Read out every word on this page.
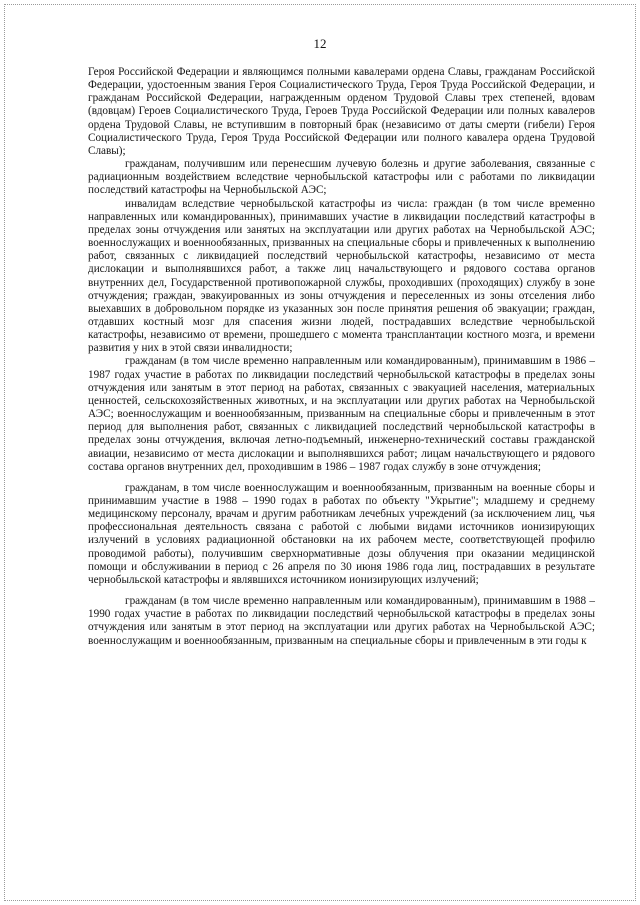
12

Героя Российской Федерации и являющимся полными кавалерами ордена Славы, гражданам Российской Федерации, удостоенным звания Героя Социалистического Труда, Героя Труда Российской Федерации, и гражданам Российской Федерации, награжденным орденом Трудовой Славы трех степеней, вдовам (вдовцам) Героев Социалистического Труда, Героев Труда Российской Федерации или полных кавалеров ордена Трудовой Славы, не вступившим в повторный брак (независимо от даты смерти (гибели) Героя Социалистического Труда, Героя Труда Российской Федерации или полного кавалера ордена Трудовой Славы);

гражданам, получившим или перенесшим лучевую болезнь и другие заболевания, связанные с радиационным воздействием вследствие чернобыльской катастрофы или с работами по ликвидации последствий катастрофы на Чернобыльской АЭС;

инвалидам вследствие чернобыльской катастрофы из числа: граждан (в том числе временно направленных или командированных), принимавших участие в ликвидации последствий катастрофы в пределах зоны отчуждения или занятых на эксплуатации или других работах на Чернобыльской АЭС; военнослужащих и военнообязанных, призванных на специальные сборы и привлеченных к выполнению работ, связанных с ликвидацией последствий чернобыльской катастрофы, независимо от места дислокации и выполнявшихся работ, а также лиц начальствующего и рядового состава органов внутренних дел, Государственной противопожарной службы, проходивших (проходящих) службу в зоне отчуждения; граждан, эвакуированных из зоны отчуждения и переселенных из зоны отселения либо выехавших в добровольном порядке из указанных зон после принятия решения об эвакуации; граждан, отдавших костный мозг для спасения жизни людей, пострадавших вследствие чернобыльской катастрофы, независимо от времени, прошедшего с момента трансплантации костного мозга, и времени развития у них в этой связи инвалидности;

гражданам (в том числе временно направленным или командированным), принимавшим в 1986 – 1987 годах участие в работах по ликвидации последствий чернобыльской катастрофы в пределах зоны отчуждения или занятым в этот период на работах, связанных с эвакуацией населения, материальных ценностей, сельскохозяйственных животных, и на эксплуатации или других работах на Чернобыльской АЭС; военнослужащим и военнообязанным, призванным на специальные сборы и привлеченным в этот период для выполнения работ, связанных с ликвидацией последствий чернобыльской катастрофы в пределах зоны отчуждения, включая летно-подъемный, инженерно-технический составы гражданской авиации, независимо от места дислокации и выполнявшихся работ; лицам начальствующего и рядового состава органов внутренних дел, проходившим в 1986 – 1987 годах службу в зоне отчуждения;

гражданам, в том числе военнослужащим и военнообязанным, призванным на военные сборы и принимавшим участие в 1988 – 1990 годах в работах по объекту "Укрытие"; младшему и среднему медицинскому персоналу, врачам и другим работникам лечебных учреждений (за исключением лиц, чья профессиональная деятельность связана с работой с любыми видами источников ионизирующих излучений в условиях радиационной обстановки на их рабочем месте, соответствующей профилю проводимой работы), получившим сверхнормативные дозы облучения при оказании медицинской помощи и обслуживании в период с 26 апреля по 30 июня 1986 года лиц, пострадавших в результате чернобыльской катастрофы и являвшихся источником ионизирующих излучений;

гражданам (в том числе временно направленным или командированным), принимавшим в 1988 – 1990 годах участие в работах по ликвидации последствий чернобыльской катастрофы в пределах зоны отчуждения или занятым в этот период на эксплуатации или других работах на Чернобыльской АЭС; военнослужащим и военнообязанным, призванным на специальные сборы и привлеченным в эти годы к
